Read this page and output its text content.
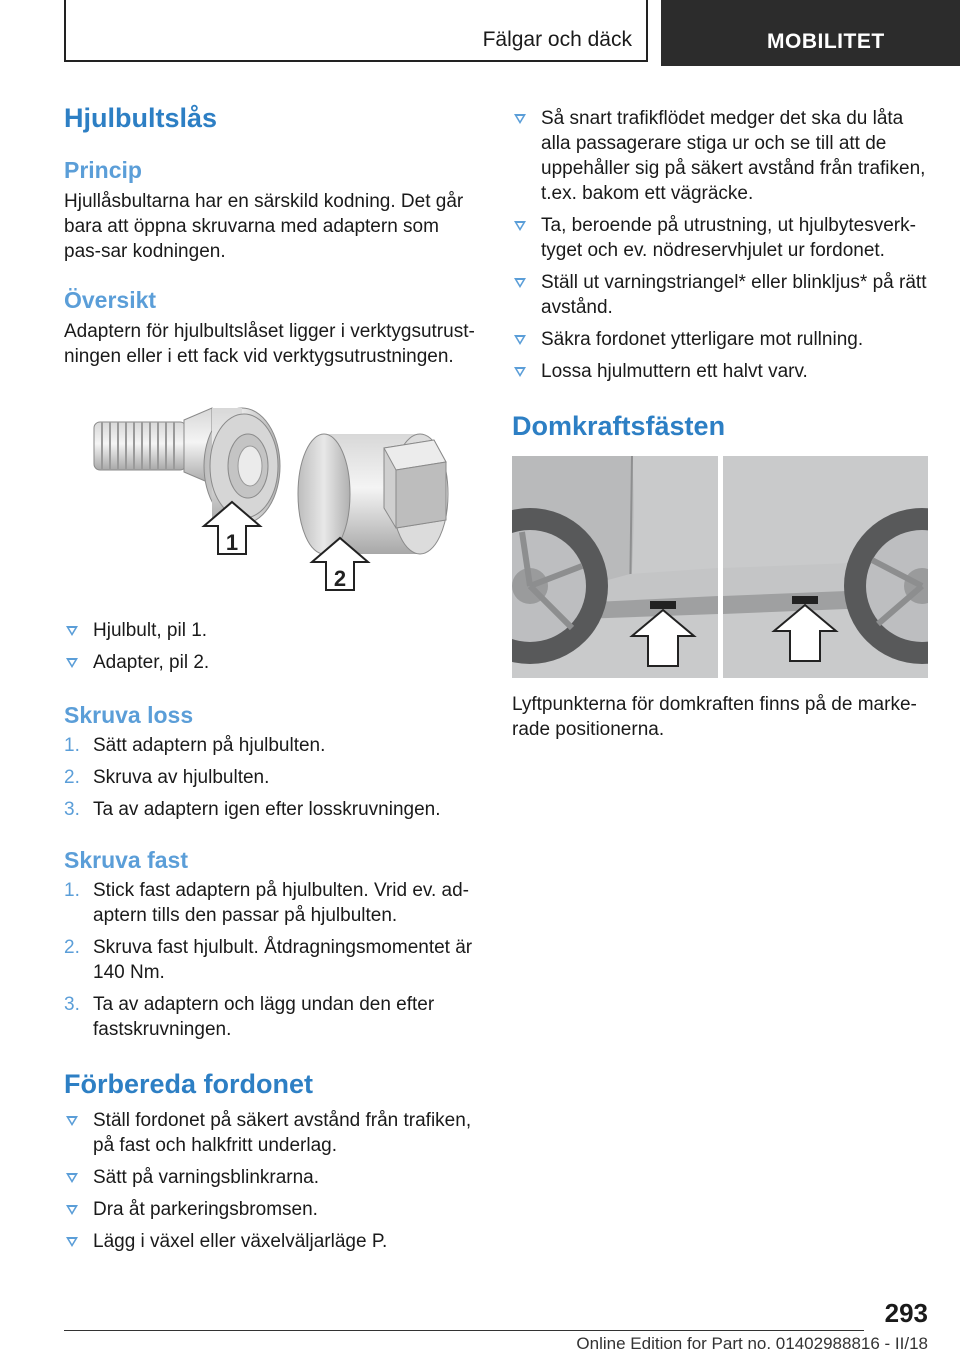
Fälgar och däck	MOBILITET
Hjulbultslås
Princip

Hjullåsbultarna har en särskild kodning. Det går bara att öppna skruvarna med adaptern som pas‐sar kodningen.

Översikt

Adaptern för hjulbultslåset ligger i verktygsutrust‐ningen eller i ett fack vid verktygsutrustningen.

1
2
Hjulbult, pil 1.
Adapter, pil 2.
Skruva loss
1. Sätt adaptern på hjulbulten.
2. Skruva av hjulbulten.
3. Ta av adaptern igen efter losskruvningen.
Skruva fast
1. Stick fast adaptern på hjulbulten. Vrid ev. ad‐aptern tills den passar på hjulbulten.
2. Skruva fast hjulbult. Åtdragningsmomentet är 140 Nm.
3. Ta av adaptern och lägg undan den efter fastskruvningen.
Förbereda fordonet
Ställ fordonet på säkert avstånd från trafiken, på fast och halkfritt underlag.
Sätt på varningsblinkrarna.
Dra åt parkeringsbromsen.
Lägg i växel eller växelväljarläge P.
Så snart trafikflödet medger det ska du låta alla passagerare stiga ur och se till att de uppehåller sig på säkert avstånd från trafiken, t.ex. bakom ett vägräcke.
Ta, beroende på utrustning, ut hjulbytesverk‐tyget och ev. nödreservhjulet ur fordonet.
Ställ ut varningstriangel* eller blinkljus* på rätt avstånd.
Säkra fordonet ytterligare mot rullning.
Lossa hjulmuttern ett halvt varv.
Domkraftsfästen

Lyftpunkterna för domkraften finns på de marke‐rade positionerna.

293
Online Edition for Part no. 01402988816 - II/18
